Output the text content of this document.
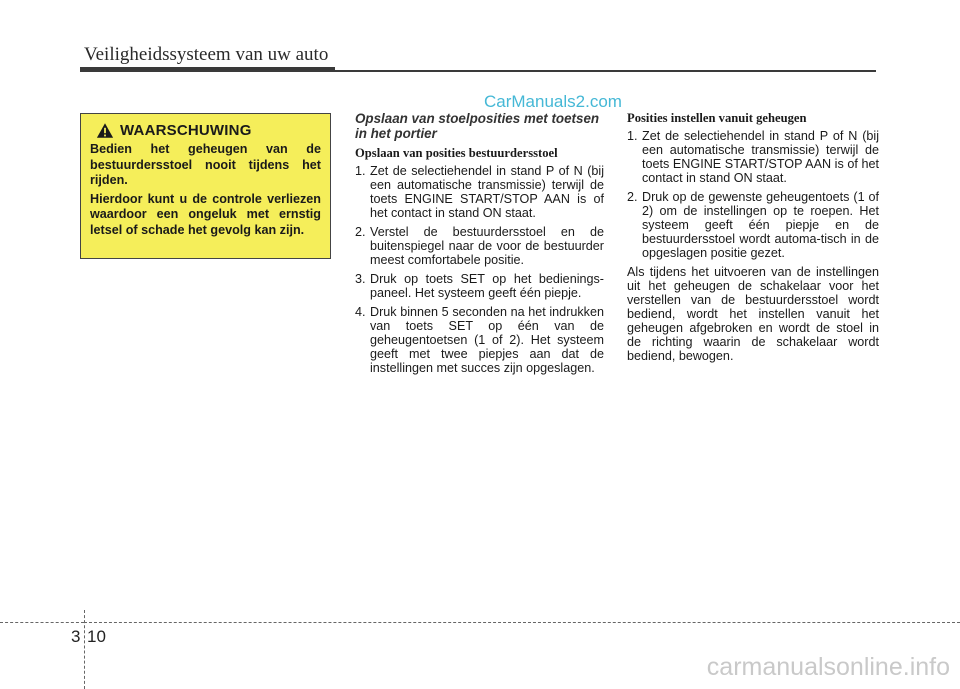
Veiligheidssysteem van uw auto
CarManuals2.com
WAARSCHUWING

Bedien het geheugen van de bestuurdersstoel nooit tijdens het rijden.

Hierdoor kunt u de controle verliezen waardoor een ongeluk met ernstig letsel of schade het gevolg kan zijn.

Opslaan van stoelposities met toetsen in het portier

Opslaan van posities bestuurdersstoel

1. Zet de selectiehendel in stand P of N (bij een automatische transmissie) terwijl de toets ENGINE START/STOP AAN is of het contact in stand ON staat.
2. Verstel de bestuurdersstoel en de buitenspiegel naar de voor de bestuurder meest comfortabele positie.
3. Druk op toets SET op het bedienings-paneel. Het systeem geeft één piepje.
4. Druk binnen 5 seconden na het indrukken van toets SET op één van de geheugentoetsen (1 of 2). Het systeem geeft met twee piepjes aan dat de instellingen met succes zijn opgeslagen.

Posities instellen vanuit geheugen

1. Zet de selectiehendel in stand P of N (bij een automatische transmissie) terwijl de toets ENGINE START/STOP AAN is of het contact in stand ON staat.
2. Druk op de gewenste geheugentoets (1 of 2) om de instellingen op te roepen. Het systeem geeft één piepje en de bestuurdersstoel wordt automa-tisch in de opgeslagen positie gezet.

Als tijdens het uitvoeren van de instellingen uit het geheugen de schakelaar voor het verstellen van de bestuurdersstoel wordt bediend, wordt het instellen vanuit het geheugen afgebroken en wordt de stoel in de richting waarin de schakelaar wordt bediend, bewogen.

3 10
carmanualsonline.info
